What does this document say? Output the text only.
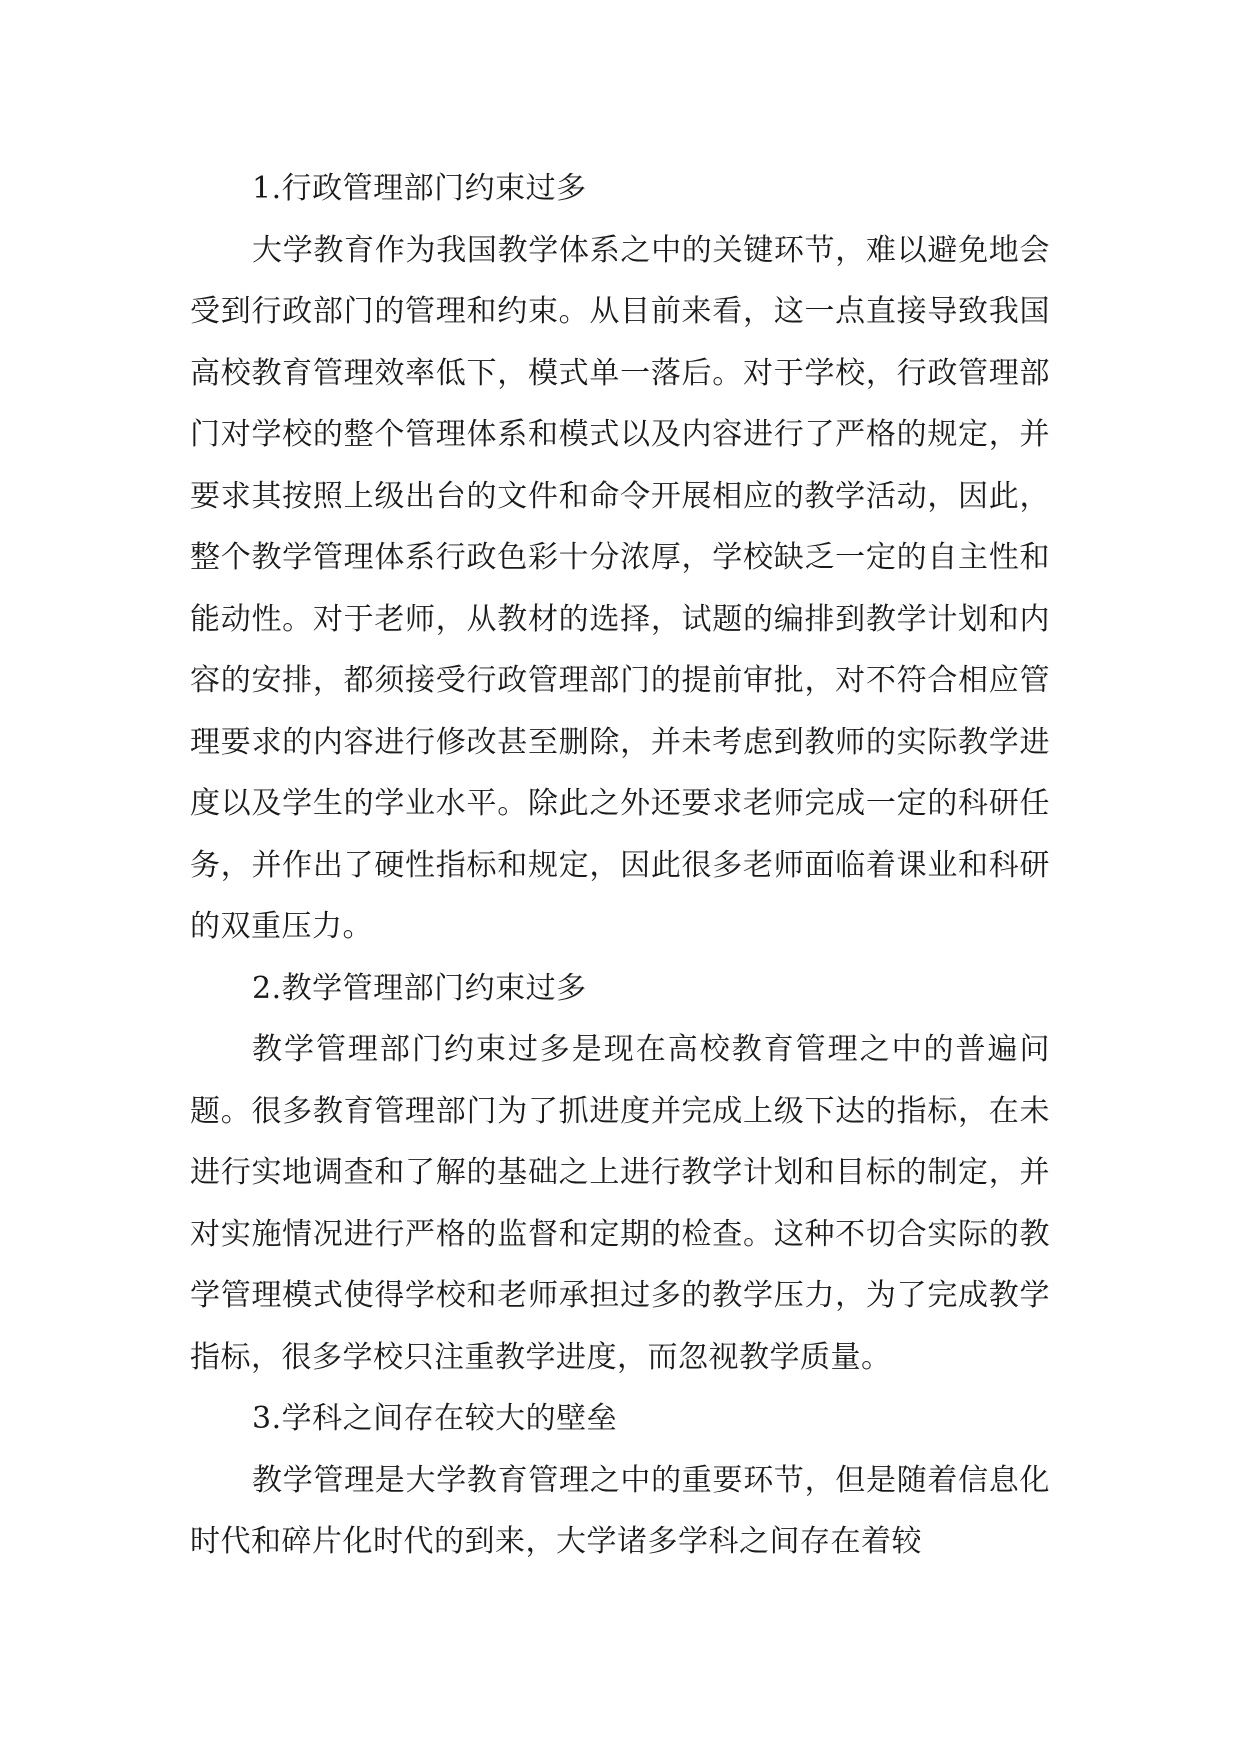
1.行政管理部门约束过多

大学教育作为我国教学体系之中的关键环节，难以避免地会受到行政部门的管理和约束。从目前来看，这一点直接导致我国高校教育管理效率低下，模式单一落后。对于学校，行政管理部门对学校的整个管理体系和模式以及内容进行了严格的规定，并要求其按照上级出台的文件和命令开展相应的教学活动，因此，整个教学管理体系行政色彩十分浓厚，学校缺乏一定的自主性和能动性。对于老师，从教材的选择，试题的编排到教学计划和内容的安排，都须接受行政管理部门的提前审批，对不符合相应管理要求的内容进行修改甚至删除，并未考虑到教师的实际教学进度以及学生的学业水平。除此之外还要求老师完成一定的科研任务，并作出了硬性指标和规定，因此很多老师面临着课业和科研的双重压力。

2.教学管理部门约束过多

教学管理部门约束过多是现在高校教育管理之中的普遍问题。很多教育管理部门为了抓进度并完成上级下达的指标，在未进行实地调查和了解的基础之上进行教学计划和目标的制定，并对实施情况进行严格的监督和定期的检查。这种不切合实际的教学管理模式使得学校和老师承担过多的教学压力，为了完成教学指标，很多学校只注重教学进度，而忽视教学质量。

3.学科之间存在较大的壁垒

教学管理是大学教育管理之中的重要环节，但是随着信息化时代和碎片化时代的到来，大学诸多学科之间存在着较
